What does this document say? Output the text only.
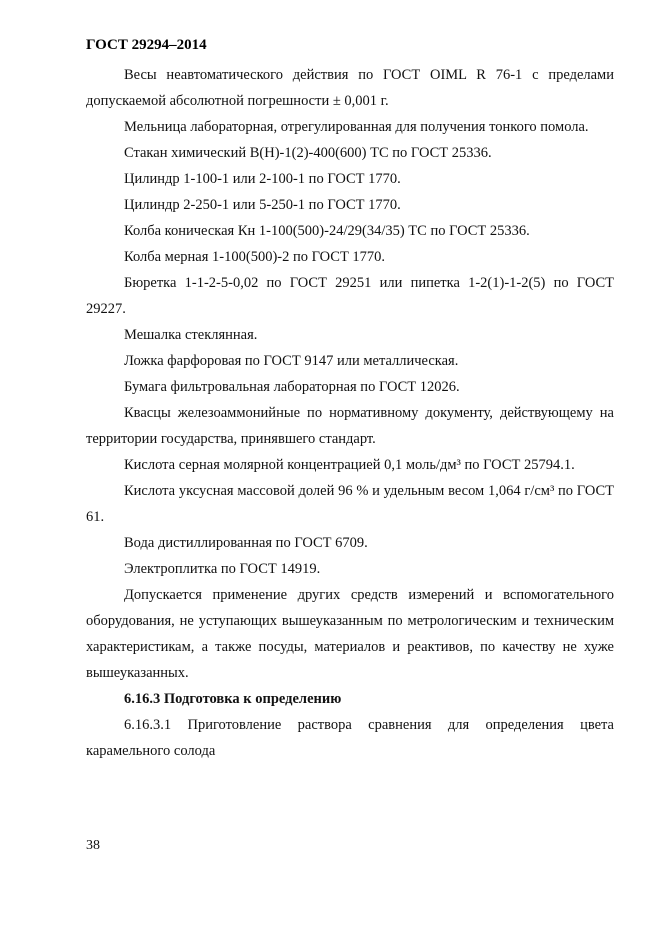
ГОСТ 29294–2014

Весы неавтоматического действия по ГОСТ OIML R 76-1 с пределами допускаемой абсолютной погрешности ± 0,001 г.

Мельница лабораторная, отрегулированная для получения тонкого помола.

Стакан химический В(Н)-1(2)-400(600) ТС по ГОСТ 25336.

Цилиндр 1-100-1 или 2-100-1 по ГОСТ 1770.

Цилиндр 2-250-1 или 5-250-1 по ГОСТ 1770.

Колба коническая Кн 1-100(500)-24/29(34/35) ТС по ГОСТ 25336.

Колба мерная 1-100(500)-2 по ГОСТ 1770.

Бюретка 1-1-2-5-0,02 по ГОСТ 29251 или пипетка 1-2(1)-1-2(5) по ГОСТ 29227.

Мешалка стеклянная.

Ложка фарфоровая по ГОСТ 9147 или металлическая.

Бумага фильтровальная лабораторная по ГОСТ 12026.

Квасцы железоаммонийные по нормативному документу, действующему на территории государства, принявшего стандарт.

Кислота серная молярной концентрацией 0,1 моль/дм³ по ГОСТ 25794.1.

Кислота уксусная массовой долей 96 % и удельным весом 1,064 г/см³ по ГОСТ 61.

Вода дистиллированная по ГОСТ 6709.

Электроплитка по ГОСТ 14919.

Допускается применение других средств измерений и вспомогательного оборудования, не уступающих вышеуказанным по метрологическим и техническим характеристикам, а также посуды, материалов и реактивов, по качеству не хуже вышеуказанных.

6.16.3 Подготовка к определению

6.16.3.1 Приготовление раствора сравнения для определения цвета карамельного солода

38
